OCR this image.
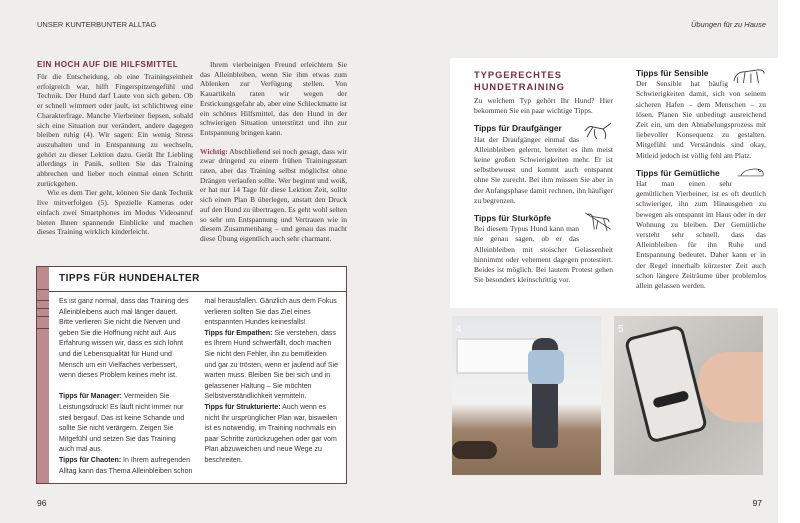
UNSER KUNTERBUNTER ALLTAG
EIN HOCH AUF DIE HILFSMITTEL

Für die Entscheidung, ob eine Trainingseinheit erfolgreich war, hilft Fingerspitzengefühl und Technik. Der Hund darf Laute von sich geben. Ob er schnell wimmert oder jault, ist schlichtweg eine Charakterfrage. Manche Vierbeiner fiepsen, sobald sich eine Situation nur verändert, andere dagegen bleiben ruhig (4). Wir sagen: Ein wenig Stress auszuhalten und in Entspannung zu wechseln, gehört zu dieser Lektion dazu. Gerät Ihr Liebling allerdings in Panik, sollten Sie das Training abbrechen und lieber noch einmal einen Schritt zurückgehen.

Wie es dem Tier geht, können Sie dank Technik live mitverfolgen (5). Spezielle Kameras oder einfach zwei Smartphones im Modus Videoanruf bieten Ihnen spannende Einblicke und machen dieses Training wirklich kinderleicht.

Ihrem vierbeinigen Freund erleichtern Sie das Alleinbleiben, wenn Sie ihm etwas zum Ablenken zur Verfügung stellen. Von Kauartikeln raten wir wegen der Erstickungsgefahr ab, aber eine Schleckmatte ist ein schönes Hilfsmittel, das den Hund in der schwierigen Situation unterstützt und ihn zur Entspannung bringen kann.

Wichtig: Abschließend sei noch gesagt, dass wir zwar dringend zu einem frühen Trainingsstart raten, aber das Training selbst möglichst ohne Drängen verlaufen sollte. Wer beginnt und weiß, er hat nur 14 Tage für diese Lektion Zeit, sollte sich einen Plan B überlegen, anstatt den Druck auf den Hund zu übertragen. Es geht wohl selten so sehr um Entspannung und Vertrauen wie in diesem Zusammenhang – und genau das macht diese Übung eigentlich auch sehr charmant.

TIPPS FÜR HUNDEHALTER

Es ist ganz normal, dass das Training des Alleinbleibens auch mal länger dauert. Bitte verlieren Sie nicht die Nerven und geben Sie die Hoffnung nicht auf. Aus Erfahrung wissen wir, dass es sich lohnt und die Lebensqualität für Hund und Mensch um ein Vielfaches verbessert, wenn dieses Problem keines mehr ist.

Tipps für Manager: Vermeiden Sie Leistungsdruck! Es läuft nicht immer nur steil bergauf. Das ist keine Schande und sollte Sie nicht verärgern. Zeigen Sie Mitgefühl und setzen Sie das Training auch mal aus.

Tipps für Chaoten: In Ihrem aufregenden Alltag kann das Thema Alleinbleiben schon mal herausfallen. Gänzlich aus dem Fokus verlieren sollten Sie das Ziel eines entspannten Hundes keinesfalls!

Tipps für Empathen: Sie verstehen, dass es Ihrem Hund schwerfällt, doch machen Sie nicht den Fehler, ihn zu bemitleiden und gar zu trösten, wenn er jaulend auf Sie warten muss. Bleiben Sie bei sich und in gelassener Haltung – Sie möchten Selbstverständlichkeit vermitteln.

Tipps für Strukturierte: Auch wenn es nicht Ihr ursprünglicher Plan war, bisweilen ist es notwendig, im Training nochmals ein paar Schritte zurückzugehen oder gar vom Plan abzuweichen und neue Wege zu beschreiten.

96
Übungen für zu Hause
TYPGERECHTES
HUNDETRAINING

Zu welchem Typ gehört Ihr Hund? Hier bekommen Sie ein paar wichtige Tipps.

Tipps für Draufgänger

Hat der Draufgänger einmal das Alleinbleiben gelernt, bereitet es ihm meist keine großen Schwierigkeiten mehr. Er ist selbstbewusst und kommt auch entspannt ohne Sie zurecht. Bei ihm müssen Sie aber in der Anfangsphase damit rechnen, ihn häufiger zu begrenzen.

Tipps für Sturköpfe

Bei diesem Typus Hund kann man nie genau sagen, ob er das Alleinbleiben mit stoischer Gelassenheit hinnimmt oder vehement dagegen protestiert. Beides ist möglich. Bei lautem Protest gehen Sie besonders kleinschrittig vor.

Tipps für Sensible

Der Sensible hat häufig Schwierigkeiten damit, sich von seinem sicheren Hafen – dem Menschen – zu lösen. Planen Sie unbedingt ausreichend Zeit ein, um den Abnabelungsprozess mit liebevoller Konsequenz zu gestalten. Mitgefühl und Verständnis sind okay, Mitleid jedoch ist völlig fehl am Platz.

Tipps für Gemütliche

Hat man einen sehr gemütlichen Vierbeiner, ist es oft deutlich schwieriger, ihn zum Hinausgehen zu bewegen als entspannt im Haus oder in der Wohnung zu bleiben. Der Gemütliche versteht sehr schnell, dass das Alleinbleiben für ihn Ruhe und Entspannung bedeutet. Daher kann er in der Regel innerhalb kürzester Zeit auch schon längere Zeiträume über problemlos allein gelassen werden.

4	5
97
